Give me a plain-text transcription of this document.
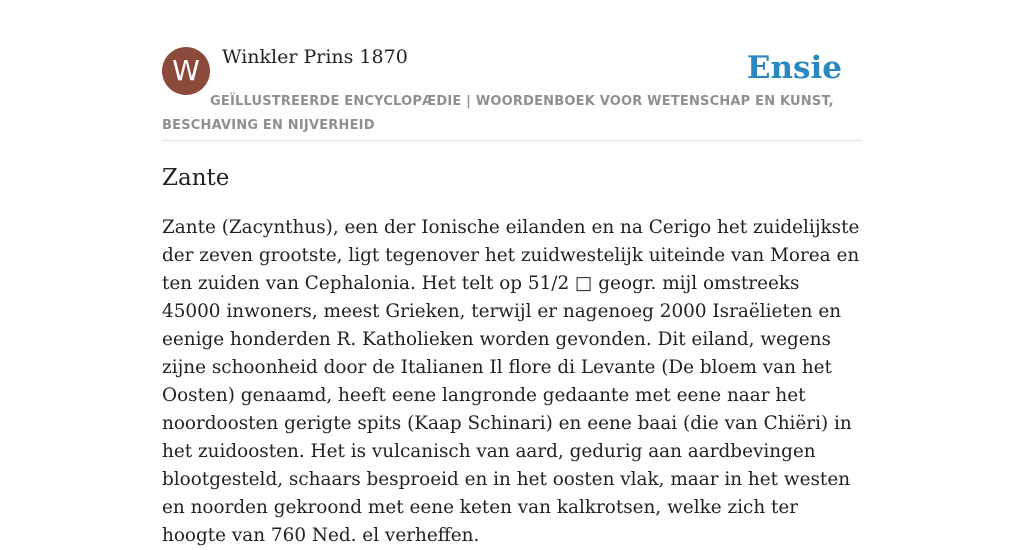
W	Winkler Prins 1870	Ensie
GEÏLLUSTREERDE ENCYCLOPÆDIE | WOORDENBOEK VOOR WETENSCHAP EN KUNST, BESCHAVING EN NIJVERHEID
Zante

Zante (Zacynthus), een der Ionische eilanden en na Cerigo het zuidelijkste der zeven grootste, ligt tegenover het zuidwestelijk uiteinde van Morea en ten zuiden van Cephalonia. Het telt op 51/2 □ geogr. mijl omstreeks 45000 inwoners, meest Grieken, terwijl er nagenoeg 2000 Israëlieten en eenige honderden R. Katholieken worden gevonden. Dit eiland, wegens zijne schoonheid door de Italianen Il flore di Levante (De bloem van het Oosten) genaamd, heeft eene langronde gedaante met eene naar het noordoosten gerigte spits (Kaap Schinari) en eene baai (die van Chiëri) in het zuidoosten. Het is vulcanisch van aard, gedurig aan aardbevingen blootgesteld, schaars besproeid en in het oosten vlak, maar in het westen en noorden gekroond met eene keten van kalkrotsen, welke zich ter hoogte van 760 Ned. el verheffen.
